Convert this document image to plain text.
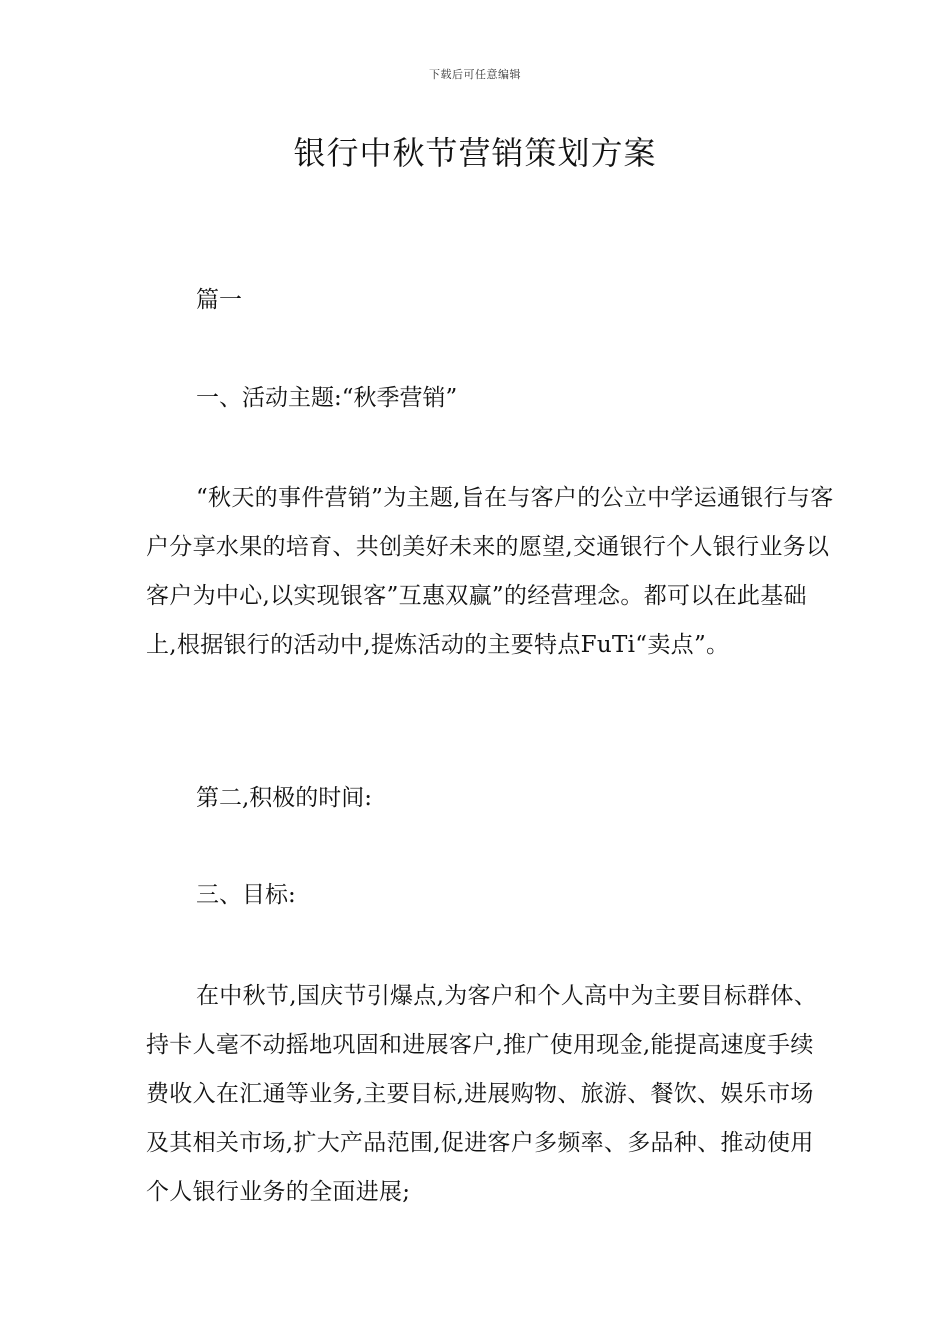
下载后可任意编辑
银行中秋节营销策划方案
篇一
一、活动主题:“秋季营销”

“秋天的事件营销”为主题,旨在与客户的公立中学运通银行与客户分享水果的培育、共创美好未来的愿望,交通银行个人银行业务以客户为中心,以实现银客”互惠双赢”的经营理念。都可以在此基础上,根据银行的活动中,提炼活动的主要特点FuTi“卖点”。

第二,积极的时间:
三、目标:

在中秋节,国庆节引爆点,为客户和个人高中为主要目标群体、持卡人毫不动摇地巩固和进展客户,推广使用现金,能提高速度手续费收入在汇通等业务,主要目标,进展购物、旅游、餐饮、娱乐市场及其相关市场,扩大产品范围,促进客户多频率、多品种、推动使用个人银行业务的全面进展;
